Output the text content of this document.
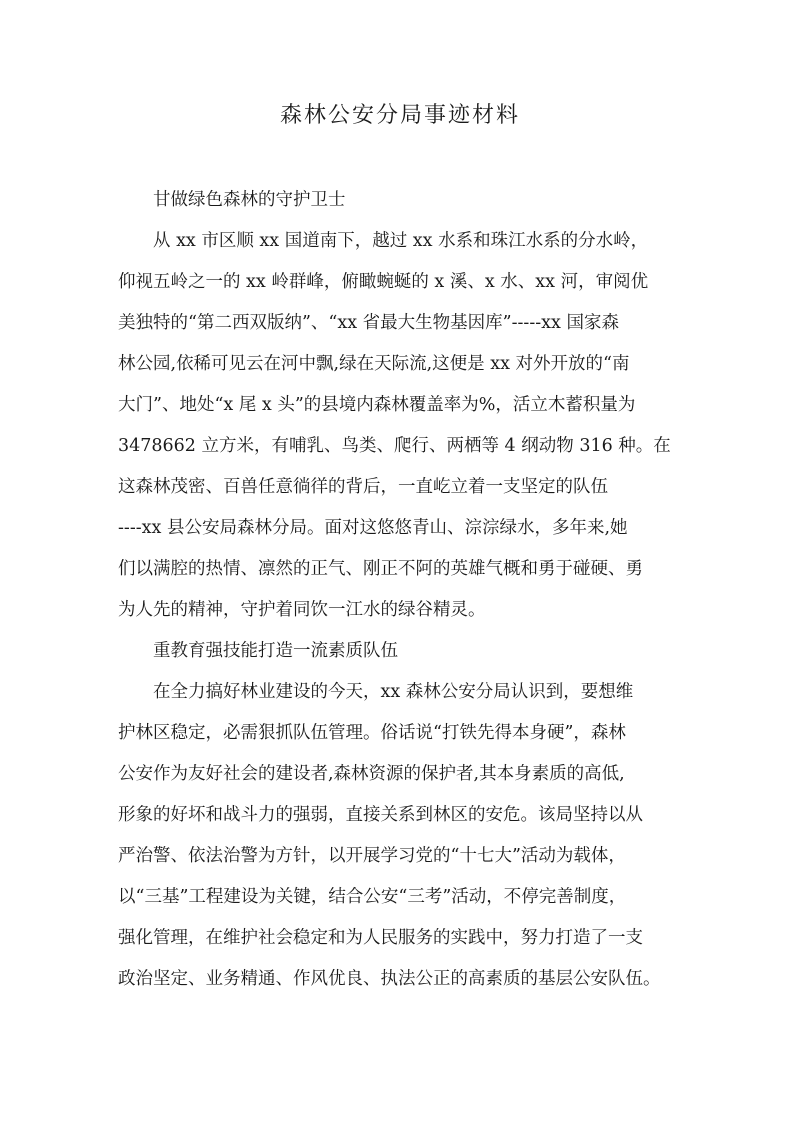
森林公安分局事迹材料

甘做绿色森林的守护卫士

从 xx 市区顺 xx 国道南下，越过 xx 水系和珠江水系的分水岭，
仰视五岭之一的 xx 岭群峰，俯瞰蜿蜒的 x 溪、x 水、xx 河，审阅优
美独特的“第二西双版纳”、“xx 省最大生物基因库”-----xx 国家森
林公园,依稀可见云在河中飘,绿在天际流,这便是 xx 对外开放的“南
大门”、地处“x 尾 x 头”的县境内森林覆盖率为%，活立木蓄积量为
3478662 立方米，有哺乳、鸟类、爬行、两栖等 4 纲动物 316 种。在
这森林茂密、百兽任意徜徉的背后，一直屹立着一支坚定的队伍
----xx 县公安局森林分局。面对这悠悠青山、淙淙绿水，多年来,她
们以满腔的热情、凛然的正气、刚正不阿的英雄气概和勇于碰硬、勇
为人先的精神，守护着同饮一江水的绿谷精灵。

重教育强技能打造一流素质队伍

在全力搞好林业建设的今天，xx 森林公安分局认识到，要想维
护林区稳定，必需狠抓队伍管理。俗话说“打铁先得本身硬”，森林
公安作为友好社会的建设者,森林资源的保护者,其本身素质的高低,
形象的好坏和战斗力的强弱，直接关系到林区的安危。该局坚持以从
严治警、依法治警为方针，以开展学习党的“十七大”活动为载体，
以“三基”工程建设为关键，结合公安“三考”活动，不停完善制度，
强化管理，在维护社会稳定和为人民服务的实践中，努力打造了一支
政治坚定、业务精通、作风优良、执法公正的高素质的基层公安队伍。
